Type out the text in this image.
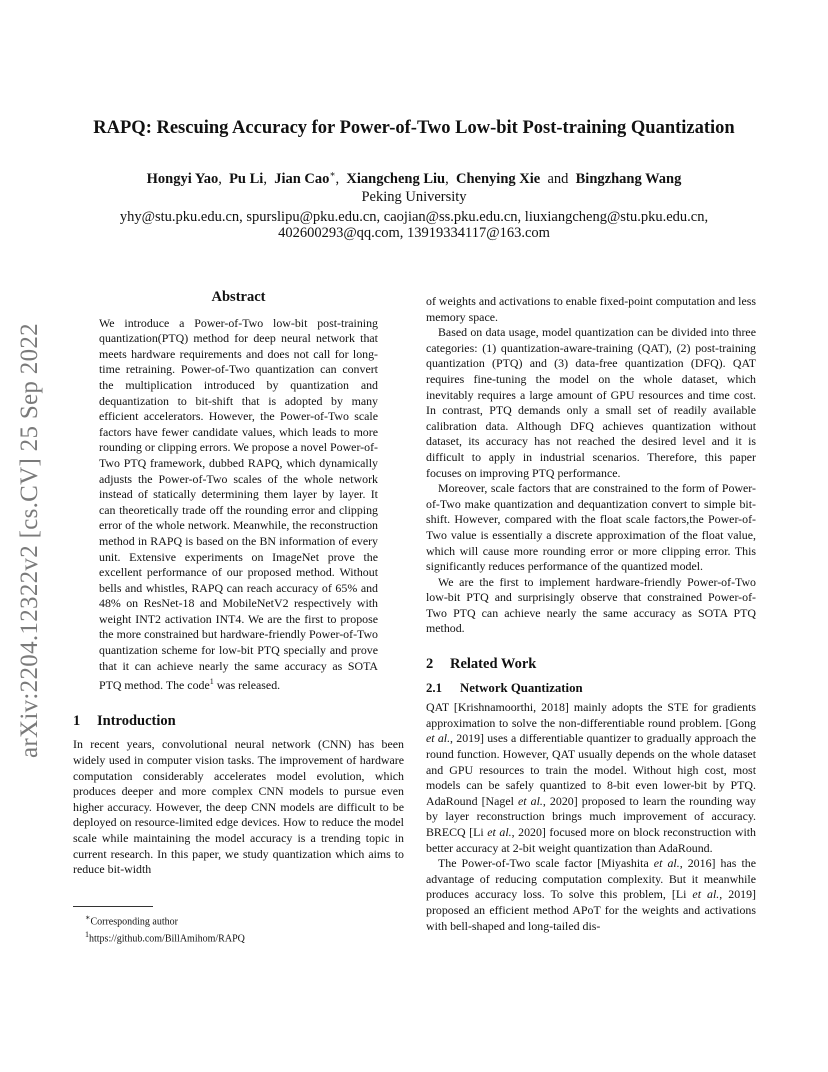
arXiv:2204.12322v2 [cs.CV] 25 Sep 2022
RAPQ: Rescuing Accuracy for Power-of-Two Low-bit Post-training Quantization
Hongyi Yao,  Pu Li,  Jian Cao∗,  Xiangcheng Liu,  Chenying Xie and Bingzhang Wang
Peking University
yhy@stu.pku.edu.cn, spurslipu@pku.edu.cn, caojian@ss.pku.edu.cn, liuxiangcheng@stu.pku.edu.cn,
402600293@qq.com, 13919334117@163.com
Abstract

We introduce a Power-of-Two low-bit post-training quantization(PTQ) method for deep neural network that meets hardware requirements and does not call for long-time retraining. Power-of-Two quantization can convert the multiplication introduced by quantization and dequantization to bit-shift that is adopted by many efficient accelerators. However, the Power-of-Two scale factors have fewer candidate values, which leads to more rounding or clipping errors. We propose a novel Power-of-Two PTQ framework, dubbed RAPQ, which dynamically adjusts the Power-of-Two scales of the whole network instead of statically determining them layer by layer. It can theoretically trade off the rounding error and clipping error of the whole network. Meanwhile, the reconstruction method in RAPQ is based on the BN information of every unit. Extensive experiments on ImageNet prove the excellent performance of our proposed method. Without bells and whistles, RAPQ can reach accuracy of 65% and 48% on ResNet-18 and MobileNetV2 respectively with weight INT2 activation INT4. We are the first to propose the more constrained but hardware-friendly Power-of-Two quantization scheme for low-bit PTQ specially and prove that it can achieve nearly the same accuracy as SOTA PTQ method. The code$^1$ was released.

1 Introduction

In recent years, convolutional neural network (CNN) has been widely used in computer vision tasks. The improvement of hardware computation considerably accelerates model evolution, which produces deeper and more complex CNN models to pursue even higher accuracy. However, the deep CNN models are difficult to be deployed on resource-limited edge devices. How to reduce the model scale while maintaining the model accuracy is a trending topic in current research. In this paper, we study quantization which aims to reduce bit-width

∗Corresponding author
$^1$https://github.com/BillAmihom/RAPQ

of weights and activations to enable fixed-point computation and less memory space.

Based on data usage, model quantization can be divided into three categories: (1) quantization-aware-training (QAT), (2) post-training quantization (PTQ) and (3) data-free quantization (DFQ). QAT requires fine-tuning the model on the whole dataset, which inevitably requires a large amount of GPU resources and time cost. In contrast, PTQ demands only a small set of readily available calibration data. Although DFQ achieves quantization without dataset, its accuracy has not reached the desired level and it is difficult to apply in industrial scenarios. Therefore, this paper focuses on improving PTQ performance.

Moreover, scale factors that are constrained to the form of Power-of-Two make quantization and dequantization convert to simple bit-shift. However, compared with the float scale factors,the Power-of-Two value is essentially a discrete approximation of the float value, which will cause more rounding error or more clipping error. This significantly reduces performance of the quantized model.

We are the first to implement hardware-friendly Power-of-Two low-bit PTQ and surprisingly observe that constrained Power-of-Two PTQ can achieve nearly the same accuracy as SOTA PTQ method.

2 Related Work
2.1 Network Quantization

QAT [Krishnamoorthi, 2018] mainly adopts the STE for gradients approximation to solve the non-differentiable round problem. [Gong et al., 2019] uses a differentiable quantizer to gradually approach the round function. However, QAT usually depends on the whole dataset and GPU resources to train the model. Without high cost, most models can be safely quantized to 8-bit even lower-bit by PTQ. AdaRound [Nagel et al., 2020] proposed to learn the rounding way by layer reconstruction brings much improvement of accuracy. BRECQ [Li et al., 2020] focused more on block reconstruction with better accuracy at 2-bit weight quantization than AdaRound.

The Power-of-Two scale factor [Miyashita et al., 2016] has the advantage of reducing computation complexity. But it meanwhile produces accuracy loss. To solve this problem, [Li et al., 2019] proposed an efficient method APoT for the weights and activations with bell-shaped and long-tailed dis-
